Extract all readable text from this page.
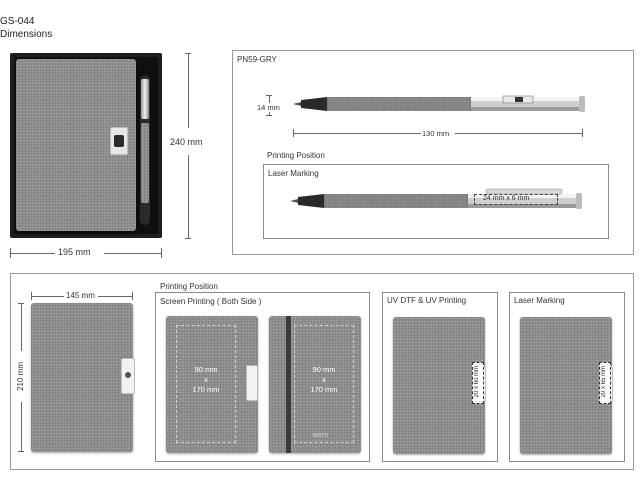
GS-044
Dimensions
195 mm
240 mm
PN59-GRY
14 mm
130 mm
Printing Position
Laser Marking
24 mm x 6 mm
145 mm
210 mm
Printing Position
Screen Printing ( Both Side )
90 mm
x
170 mm
90 mm
x
170 mm
BRITO
UV DTF & UV Printing
20 x 60 mm
Laser Marking
20 x 65 mm
